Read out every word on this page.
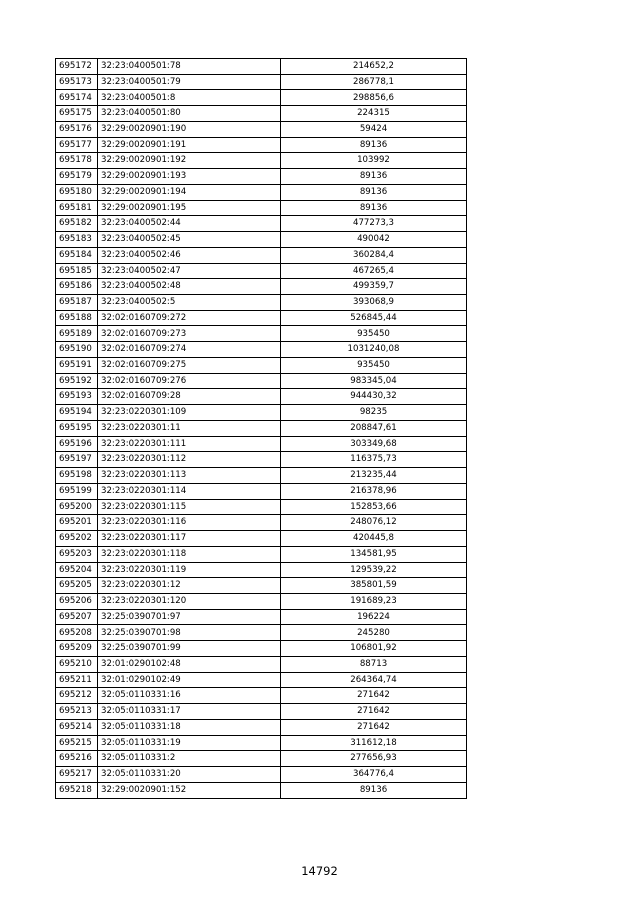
695172	32:23:0400501:78	214652,2
695173	32:23:0400501:79	286778,1
695174	32:23:0400501:8	298856,6
695175	32:23:0400501:80	224315
695176	32:29:0020901:190	59424
695177	32:29:0020901:191	89136
695178	32:29:0020901:192	103992
695179	32:29:0020901:193	89136
695180	32:29:0020901:194	89136
695181	32:29:0020901:195	89136
695182	32:23:0400502:44	477273,3
695183	32:23:0400502:45	490042
695184	32:23:0400502:46	360284,4
695185	32:23:0400502:47	467265,4
695186	32:23:0400502:48	499359,7
695187	32:23:0400502:5	393068,9
695188	32:02:0160709:272	526845,44
695189	32:02:0160709:273	935450
695190	32:02:0160709:274	1031240,08
695191	32:02:0160709:275	935450
695192	32:02:0160709:276	983345,04
695193	32:02:0160709:28	944430,32
695194	32:23:0220301:109	98235
695195	32:23:0220301:11	208847,61
695196	32:23:0220301:111	303349,68
695197	32:23:0220301:112	116375,73
695198	32:23:0220301:113	213235,44
695199	32:23:0220301:114	216378,96
695200	32:23:0220301:115	152853,66
695201	32:23:0220301:116	248076,12
695202	32:23:0220301:117	420445,8
695203	32:23:0220301:118	134581,95
695204	32:23:0220301:119	129539,22
695205	32:23:0220301:12	385801,59
695206	32:23:0220301:120	191689,23
695207	32:25:0390701:97	196224
695208	32:25:0390701:98	245280
695209	32:25:0390701:99	106801,92
695210	32:01:0290102:48	88713
695211	32:01:0290102:49	264364,74
695212	32:05:0110331:16	271642
695213	32:05:0110331:17	271642
695214	32:05:0110331:18	271642
695215	32:05:0110331:19	311612,18
695216	32:05:0110331:2	277656,93
695217	32:05:0110331:20	364776,4
695218	32:29:0020901:152	89136
14792
